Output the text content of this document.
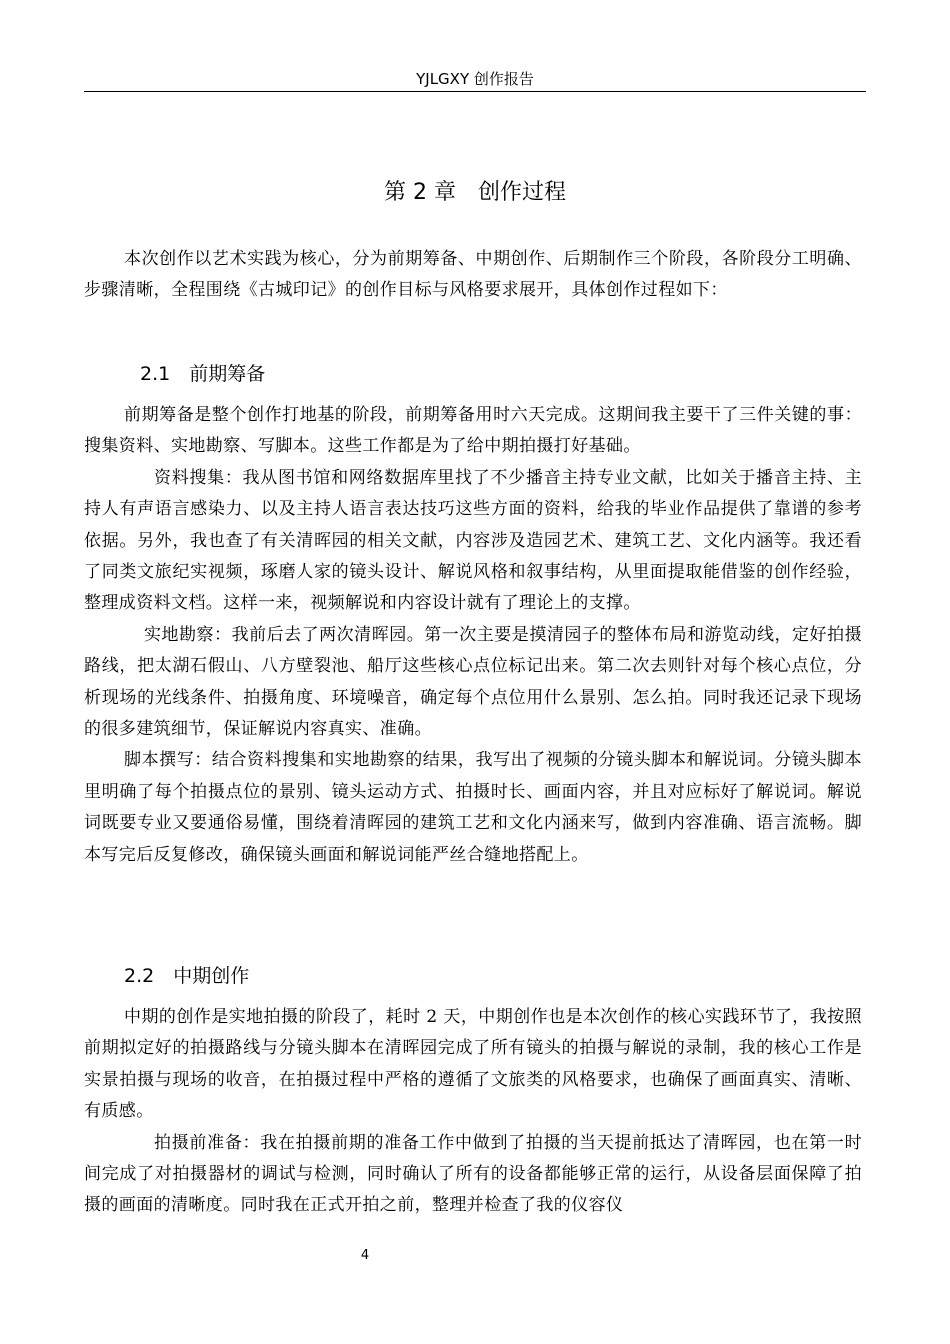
YJLGXY 创作报告
第 2 章　创作过程

本次创作以艺术实践为核心，分为前期筹备、中期创作、后期制作三个阶段，各阶段分工明确、步骤清晰，全程围绕《古城印记》的创作目标与风格要求展开，具体创作过程如下：

2.1　前期筹备

前期筹备是整个创作打地基的阶段，前期筹备用时六天完成。这期间我主要干了三件关键的事：搜集资料、实地勘察、写脚本。这些工作都是为了给中期拍摄打好基础。

资料搜集：我从图书馆和网络数据库里找了不少播音主持专业文献，比如关于播音主持、主持人有声语言感染力、以及主持人语言表达技巧这些方面的资料，给我的毕业作品提供了靠谱的参考依据。另外，我也查了有关清晖园的相关文献，内容涉及造园艺术、建筑工艺、文化内涵等。我还看了同类文旅纪实视频，琢磨人家的镜头设计、解说风格和叙事结构，从里面提取能借鉴的创作经验，整理成资料文档。这样一来，视频解说和内容设计就有了理论上的支撑。

实地勘察：我前后去了两次清晖园。第一次主要是摸清园子的整体布局和游览动线，定好拍摄路线，把太湖石假山、八方壁裂池、船厅这些核心点位标记出来。第二次去则针对每个核心点位，分析现场的光线条件、拍摄角度、环境噪音，确定每个点位用什么景别、怎么拍。同时我还记录下现场的很多建筑细节，保证解说内容真实、准确。

脚本撰写：结合资料搜集和实地勘察的结果，我写出了视频的分镜头脚本和解说词。分镜头脚本里明确了每个拍摄点位的景别、镜头运动方式、拍摄时长、画面内容，并且对应标好了解说词。解说词既要专业又要通俗易懂，围绕着清晖园的建筑工艺和文化内涵来写，做到内容准确、语言流畅。脚本写完后反复修改，确保镜头画面和解说词能严丝合缝地搭配上。

2.2　中期创作

中期的创作是实地拍摄的阶段了，耗时 2 天，中期创作也是本次创作的核心实践环节了，我按照前期拟定好的拍摄路线与分镜头脚本在清晖园完成了所有镜头的拍摄与解说的录制，我的核心工作是实景拍摄与现场的收音，在拍摄过程中严格的遵循了文旅类的风格要求，也确保了画面真实、清晰、有质感。

拍摄前准备：我在拍摄前期的准备工作中做到了拍摄的当天提前抵达了清晖园，也在第一时间完成了对拍摄器材的调试与检测，同时确认了所有的设备都能够正常的运行，从设备层面保障了拍摄的画面的清晰度。同时我在正式开拍之前，整理并检查了我的仪容仪

4
